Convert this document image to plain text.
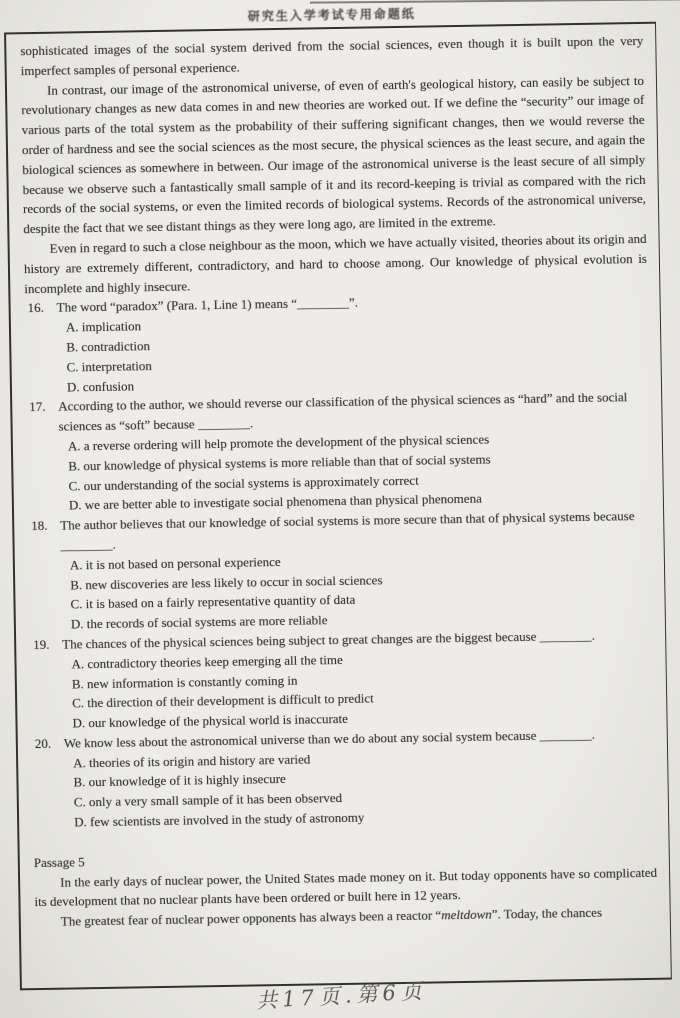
研究生入学考试专用命题纸

sophisticated images of the social system derived from the social sciences, even though it is built upon the very imperfect samples of personal experience.

In contrast, our image of the astronomical universe, of even of earth's geological history, can easily be subject to revolutionary changes as new data comes in and new theories are worked out. If we define the “security” our image of various parts of the total system as the probability of their suffering significant changes, then we would reverse the order of hardness and see the social sciences as the most secure, the physical sciences as the least secure, and again the biological sciences as somewhere in between. Our image of the astronomical universe is the least secure of all simply because we observe such a fantastically small sample of it and its record-keeping is trivial as compared with the rich records of the social systems, or even the limited records of biological systems. Records of the astronomical universe, despite the fact that we see distant things as they were long ago, are limited in the extreme.

Even in regard to such a close neighbour as the moon, which we have actually visited, theories about its origin and history are extremely different, contradictory, and hard to choose among. Our knowledge of physical evolution is incomplete and highly insecure.

16. The word “paradox” (Para. 1, Line 1) means “________”.
A. implication
B. contradiction
C. interpretation
D. confusion
17. According to the author, we should reverse our classification of the physical sciences as “hard” and the social sciences as “soft” because ________.
A. a reverse ordering will help promote the development of the physical sciences
B. our knowledge of physical systems is more reliable than that of social systems
C. our understanding of the social systems is approximately correct
D. we are better able to investigate social phenomena than physical phenomena
18. The author believes that our knowledge of social systems is more secure than that of physical systems because ________.
A. it is not based on personal experience
B. new discoveries are less likely to occur in social sciences
C. it is based on a fairly representative quantity of data
D. the records of social systems are more reliable
19. The chances of the physical sciences being subject to great changes are the biggest because ________.
A. contradictory theories keep emerging all the time
B. new information is constantly coming in
C. the direction of their development is difficult to predict
D. our knowledge of the physical world is inaccurate
20. We know less about the astronomical universe than we do about any social system because ________.
A. theories of its origin and history are varied
B. our knowledge of it is highly insecure
C. only a very small sample of it has been observed
D. few scientists are involved in the study of astronomy
Passage 5

In the early days of nuclear power, the United States made money on it. But today opponents have so complicated its development that no nuclear plants have been ordered or built here in 12 years.

The greatest fear of nuclear power opponents has always been a reactor “meltdown”. Today, the chances

共17页.第6页
